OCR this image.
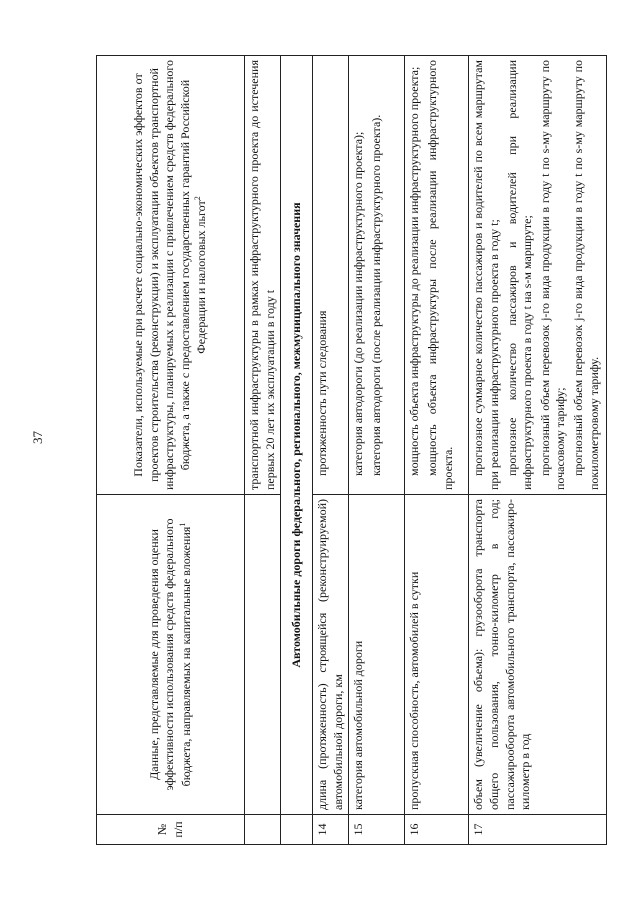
37
№ п/п	Данные, представляемые для проведения оценки эффективности использования средств федерального бюджета, направляемых на капитальные вложения$^1$	Показатели, используемые при расчете социально-экономических эффектов от проектов строительства (реконструкции) и эксплуатации объектов транспортной инфраструктуры, планируемых к реализации с привлечением средств федерального бюджета, а также с предоставлением государственных гарантий Российской Федерации и налоговых льгот$^2$
		транспортной инфраструктуры в рамках инфраструктурного проекта до истечения первых 20 лет их эксплуатации в году t
	Автомобильные дороги федерального, регионального, межмуниципального значения	
14	длина (протяженность) строящейся (реконструируемой) автомобильной дороги, км	протяженность пути следования

15	категория автомобильной дороги	категория автодороги (до реализации инфраструктурного проекта); категория автодороги (после реализации инфраструктурного проекта).

16	пропускная способность, автомобилей в сутки	мощность объекта инфраструктуры до реализации инфраструктурного проекта; мощность объекта инфраструктуры после реализации инфраструктурного проекта.

17	объем (увеличение объема): грузооборота транспорта общего пользования, тонно-километр в год; пассажирооборота автомобильного транспорта, пассажиро-километр в год	прогнозное суммарное количество пассажиров и водителей по всем маршрутам при реализации инфраструктурного проекта в году t; прогнозное количество пассажиров и водителей при реализации инфраструктурного проекта в году t на s-м маршруте; прогнозный объем перевозок j-го вида продукции в году t по s-му маршруту по почасовому тарифу; прогнозный объем перевозок j-го вида продукции в году t по s-му маршруту по покилометровому тарифу.
